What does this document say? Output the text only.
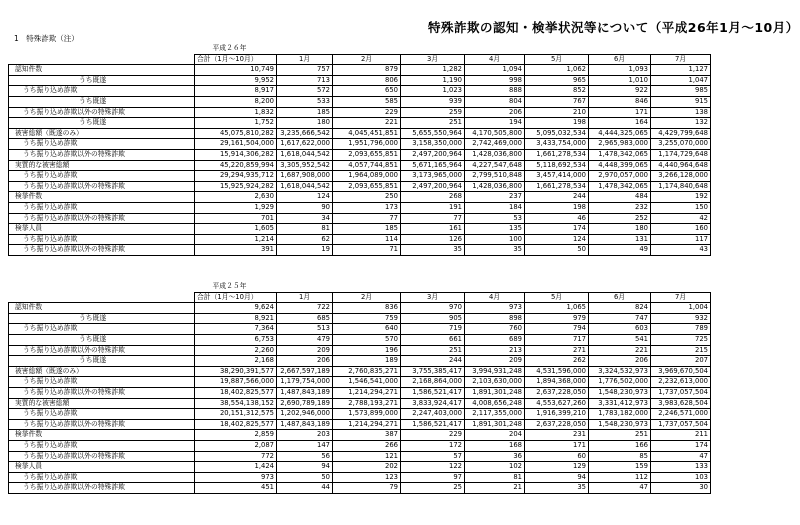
特殊詐欺の認知・検挙状況等について（平成26年1月～10月）
1　特殊詐欺（注）
	平成２６年							
	合計（1月～10月）	1月	2月	3月	4月	5月	6月	7月
認知件数	10,749	757	879	1,282	1,094	1,062	1,093	1,127
うち既遂	9,952	713	806	1,190	998	965	1,010	1,047
うち振り込め詐欺	8,917	572	650	1,023	888	852	922	985
うち既遂	8,200	533	585	939	804	767	846	915
うち振り込め詐欺以外の特殊詐欺	1,832	185	229	259	206	210	171	138
うち既遂	1,752	180	221	251	194	198	164	132
被害総額（既遂のみ）	45,075,810,282	3,235,666,542	4,045,451,851	5,655,550,964	4,170,505,800	5,095,032,534	4,444,325,065	4,429,799,648
うち振り込め詐欺	29,161,504,000	1,617,622,000	1,951,796,000	3,158,350,000	2,742,469,000	3,433,754,000	2,965,983,000	3,255,070,000
うち振り込め詐欺以外の特殊詐欺	15,914,306,282	1,618,044,542	2,093,655,851	2,497,200,964	1,428,036,800	1,661,278,534	1,478,342,065	1,174,729,648
実質的な被害総額	45,220,859,994	3,305,952,542	4,057,744,851	5,671,165,964	4,227,547,648	5,118,692,534	4,448,399,065	4,440,964,648
うち振り込め詐欺	29,294,935,712	1,687,908,000	1,964,089,000	3,173,965,000	2,799,510,848	3,457,414,000	2,970,057,000	3,266,128,000
うち振り込め詐欺以外の特殊詐欺	15,925,924,282	1,618,044,542	2,093,655,851	2,497,200,964	1,428,036,800	1,661,278,534	1,478,342,065	1,174,840,648
検挙件数	2,630	124	250	268	237	244	484	192
うち振り込め詐欺	1,929	90	173	191	184	198	232	150
うち振り込め詐欺以外の特殊詐欺	701	34	77	77	53	46	252	42
検挙人員	1,605	81	185	161	135	174	180	160
うち振り込め詐欺	1,214	62	114	126	100	124	131	117
うち振り込め詐欺以外の特殊詐欺	391	19	71	35	35	50	49	43
	平成２５年							
	合計（1月～10月）	1月	2月	3月	4月	5月	6月	7月
認知件数	9,624	722	836	970	973	1,065	824	1,004
うち既遂	8,921	685	759	905	898	979	747	932
うち振り込め詐欺	7,364	513	640	719	760	794	603	789
うち既遂	6,753	479	570	661	689	717	541	725
うち振り込め詐欺以外の特殊詐欺	2,260	209	196	251	213	271	221	215
うち既遂	2,168	206	189	244	209	262	206	207
被害総額（既遂のみ）	38,290,391,577	2,667,597,189	2,760,835,271	3,755,385,417	3,994,931,248	4,531,596,000	3,324,532,973	3,969,670,504
うち振り込め詐欺	19,887,566,000	1,179,754,000	1,546,541,000	2,168,864,000	2,103,630,000	1,894,368,000	1,776,502,000	2,232,613,000
うち振り込め詐欺以外の特殊詐欺	18,402,825,577	1,487,843,189	1,214,294,271	1,586,521,417	1,891,301,248	2,637,228,050	1,548,230,973	1,737,057,504
実質的な被害総額	38,554,138,152	2,690,789,189	2,788,193,271	3,833,924,417	4,008,656,248	4,553,627,260	3,331,412,973	3,983,628,504
うち振り込め詐欺	20,151,312,575	1,202,946,000	1,573,899,000	2,247,403,000	2,117,355,000	1,916,399,210	1,783,182,000	2,246,571,000
うち振り込め詐欺以外の特殊詐欺	18,402,825,577	1,487,843,189	1,214,294,271	1,586,521,417	1,891,301,248	2,637,228,050	1,548,230,973	1,737,057,504
検挙件数	2,859	203	387	229	204	231	251	211
うち振り込め詐欺	2,087	147	266	172	168	171	166	174
うち振り込め詐欺以外の特殊詐欺	772	56	121	57	36	60	85	47
検挙人員	1,424	94	202	122	102	129	159	133
うち振り込め詐欺	973	50	123	97	81	94	112	103
うち振り込め詐欺以外の特殊詐欺	451	44	79	25	21	35	47	30
